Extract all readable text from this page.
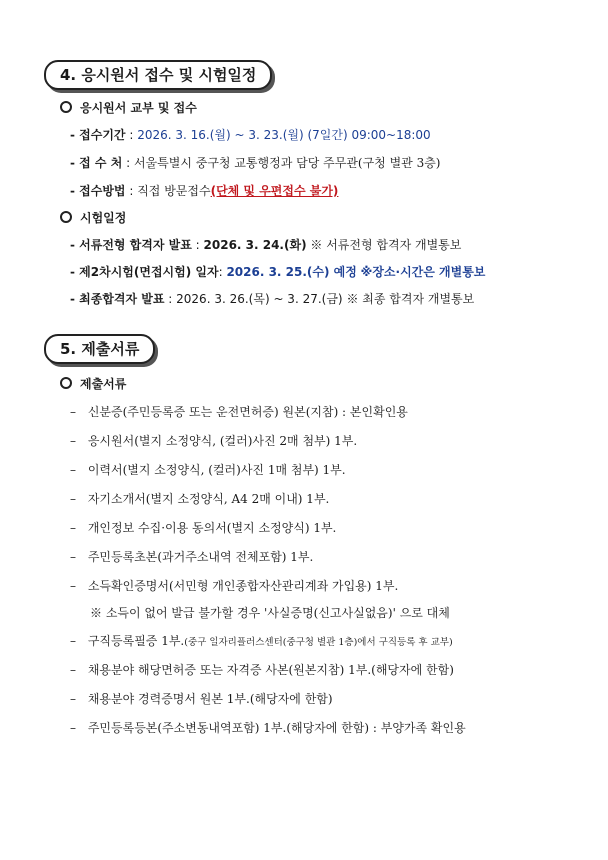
4. 응시원서 접수 및 시험일정
응시원서 교부 및 접수
- 접수기간 : 2026. 3. 16.(월) ~ 3. 23.(월) (7일간) 09:00~18:00
- 접 수 처 : 서울특별시 중구청 교통행정과 담당 주무관(구청 별관 3층)
- 접수방법 : 직접 방문접수(단체 및 우편접수 불가)
시험일정
- 서류전형 합격자 발표 : 2026. 3. 24.(화) ※ 서류전형 합격자 개별통보
- 제2차시험(면접시험) 일자: 2026. 3. 25.(수) 예정 ※장소·시간은 개별통보
- 최종합격자 발표 : 2026. 3. 26.(목) ~ 3. 27.(금) ※ 최종 합격자 개별통보
5. 제출서류
제출서류
– 신분증(주민등록증 또는 운전면허증) 원본(지참) : 본인확인용
– 응시원서(별지 소정양식, (컬러)사진 2매 첨부) 1부.
– 이력서(별지 소정양식, (컬러)사진 1매 첨부) 1부.
– 자기소개서(별지 소정양식, A4 2매 이내) 1부.
– 개인정보 수집·이용 동의서(별지 소정양식) 1부.
– 주민등록초본(과거주소내역 전체포함) 1부.
– 소득확인증명서(서민형 개인종합자산관리계좌 가입용) 1부.
※ 소득이 없어 발급 불가할 경우 '사실증명(신고사실없음)' 으로 대체
– 구직등록필증 1부.(중구 일자리플러스센터(중구청 별관 1층)에서 구직등록 후 교부)
– 채용분야 해당면허증 또는 자격증 사본(원본지참) 1부.(해당자에 한함)
– 채용분야 경력증명서 원본 1부.(해당자에 한함)
– 주민등록등본(주소변동내역포함) 1부.(해당자에 한함) : 부양가족 확인용
